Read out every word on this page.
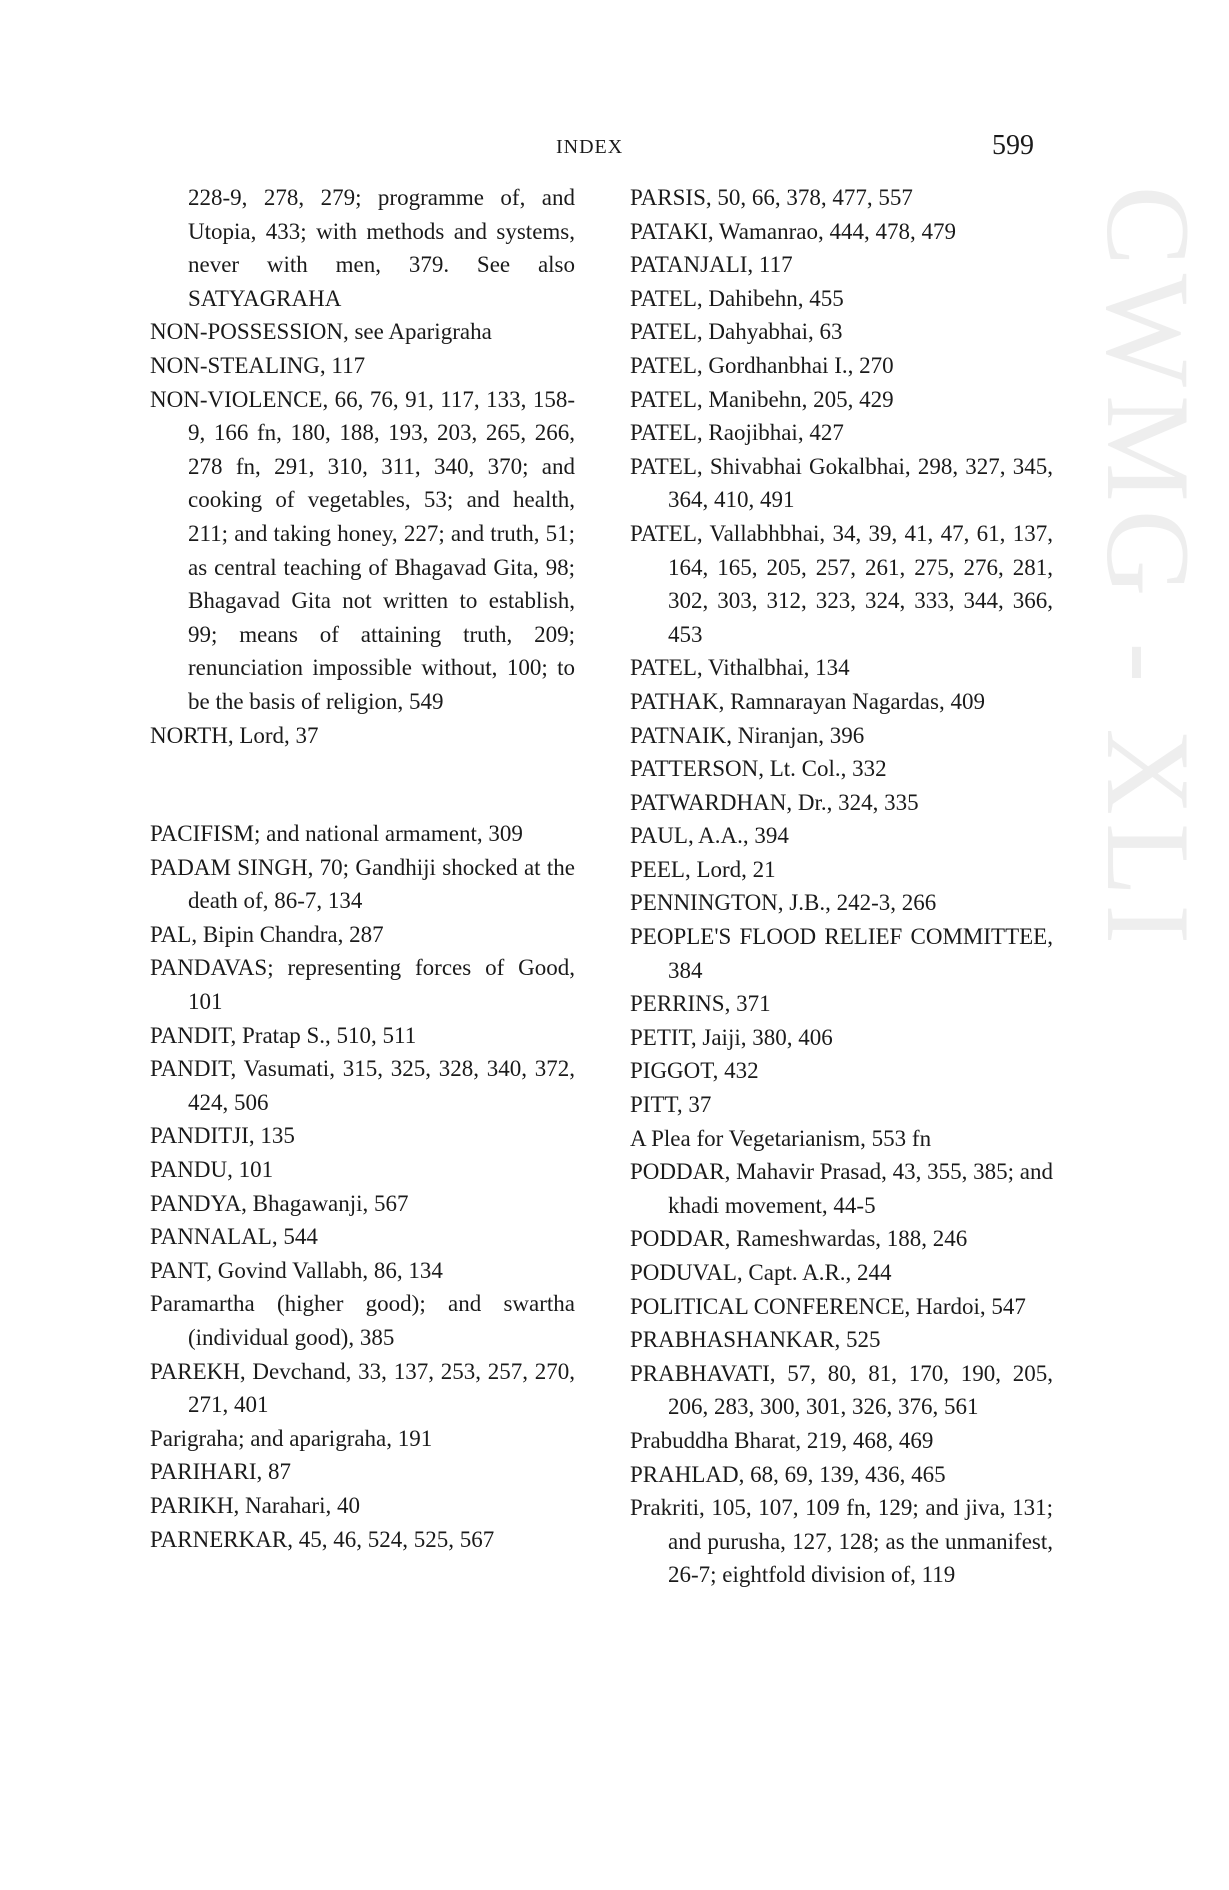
INDEX	599
CWMG - XLI
228-9, 278, 279; programme of, and Utopia, 433; with methods and systems, never with men, 379. See also SATYAGRAHA
NON-POSSESSION, see Aparigraha
NON-STEALING, 117
NON-VIOLENCE, 66, 76, 91, 117, 133, 158-9, 166 fn, 180, 188, 193, 203, 265, 266, 278 fn, 291, 310, 311, 340, 370; and cooking of vegetables, 53; and health, 211; and taking honey, 227; and truth, 51; as central teaching of Bhagavad Gita, 98; Bhagavad Gita not written to establish, 99; means of attaining truth, 209; renunciation impossible without, 100; to be the basis of religion, 549
NORTH, Lord, 37
PACIFISM; and national armament, 309
PADAM SINGH, 70; Gandhiji shocked at the death of, 86-7, 134
PAL, Bipin Chandra, 287
PANDAVAS; representing forces of Good, 101
PANDIT, Pratap S., 510, 511
PANDIT, Vasumati, 315, 325, 328, 340, 372, 424, 506
PANDITJI, 135
PANDU, 101
PANDYA, Bhagawanji, 567
PANNALAL, 544
PANT, Govind Vallabh, 86, 134
Paramartha (higher good); and swartha (individual good), 385
PAREKH, Devchand, 33, 137, 253, 257, 270, 271, 401
Parigraha; and aparigraha, 191
PARIHARI, 87
PARIKH, Narahari, 40
PARNERKAR, 45, 46, 524, 525, 567
PARSIS, 50, 66, 378, 477, 557
PATAKI, Wamanrao, 444, 478, 479
PATANJALI, 117
PATEL, Dahibehn, 455
PATEL, Dahyabhai, 63
PATEL, Gordhanbhai I., 270
PATEL, Manibehn, 205, 429
PATEL, Raojibhai, 427
PATEL, Shivabhai Gokalbhai, 298, 327, 345, 364, 410, 491
PATEL, Vallabhbhai, 34, 39, 41, 47, 61, 137, 164, 165, 205, 257, 261, 275, 276, 281, 302, 303, 312, 323, 324, 333, 344, 366, 453
PATEL, Vithalbhai, 134
PATHAK, Ramnarayan Nagardas, 409
PATNAIK, Niranjan, 396
PATTERSON, Lt. Col., 332
PATWARDHAN, Dr., 324, 335
PAUL, A.A., 394
PEEL, Lord, 21
PENNINGTON, J.B., 242-3, 266
PEOPLE'S FLOOD RELIEF COMMITTEE, 384
PERRINS, 371
PETIT, Jaiji, 380, 406
PIGGOT, 432
PITT, 37
A Plea for Vegetarianism, 553 fn
PODDAR, Mahavir Prasad, 43, 355, 385; and khadi movement, 44-5
PODDAR, Rameshwardas, 188, 246
PODUVAL, Capt. A.R., 244
POLITICAL CONFERENCE, Hardoi, 547
PRABHASHANKAR, 525
PRABHAVATI, 57, 80, 81, 170, 190, 205, 206, 283, 300, 301, 326, 376, 561
Prabuddha Bharat, 219, 468, 469
PRAHLAD, 68, 69, 139, 436, 465
Prakriti, 105, 107, 109 fn, 129; and jiva, 131; and purusha, 127, 128; as the unmanifest, 26-7; eightfold division of, 119
